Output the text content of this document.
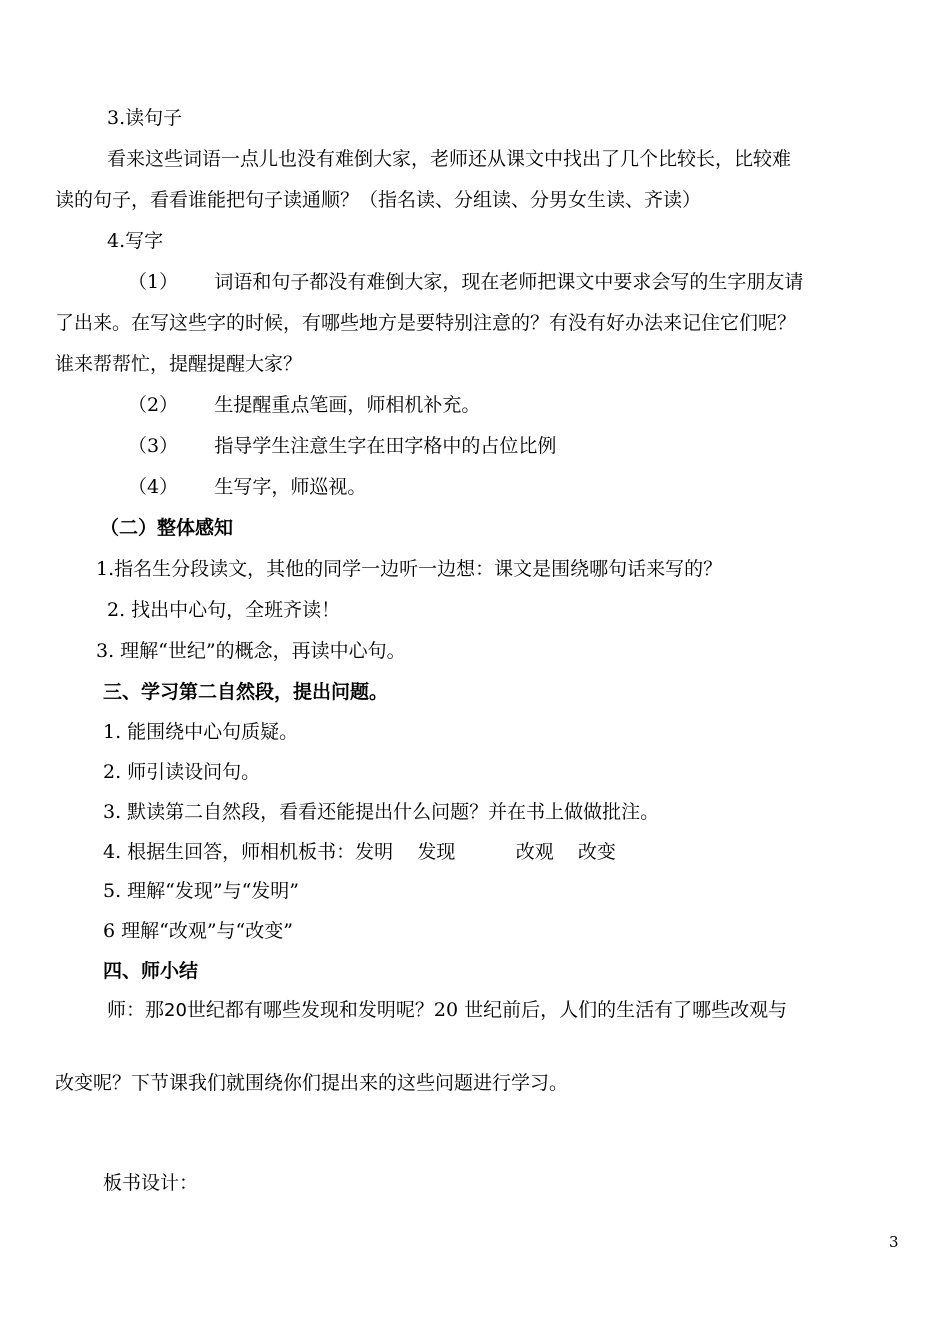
3.读句子
看来这些词语一点儿也没有难倒大家，老师还从课文中找出了几个比较长，比较难
读的句子，看看谁能把句子读通顺？（指名读、分组读、分男女生读、齐读）
4.写字
（1）      词语和句子都没有难倒大家，现在老师把课文中要求会写的生字朋友请
了出来。在写这些字的时候，有哪些地方是要特别注意的？有没有好办法来记住它们呢？
谁来帮帮忙，提醒提醒大家？
（2）      生提醒重点笔画，师相机补充。
（3）      指导学生注意生字在田字格中的占位比例
（4）      生写字，师巡视。
（二）整体感知
1.指名生分段读文，其他的同学一边听一边想：课文是围绕哪句话来写的？
2. 找出中心句，全班齐读！
3. 理解“世纪”的概念，再读中心句。
三、学习第二自然段，提出问题。
1. 能围绕中心句质疑。
2. 师引读设问句。
3. 默读第二自然段，看看还能提出什么问题？并在书上做做批注。
4. 根据生回答，师相机板书：发明    发现          改观    改变
5. 理解“发现”与“发明”
6 理解“改观”与“改变”
四、师小结
师：那20世纪都有哪些发现和发明呢？20 世纪前后，人们的生活有了哪些改观与
改变呢？下节课我们就围绕你们提出来的这些问题进行学习。
板书设计：
3
